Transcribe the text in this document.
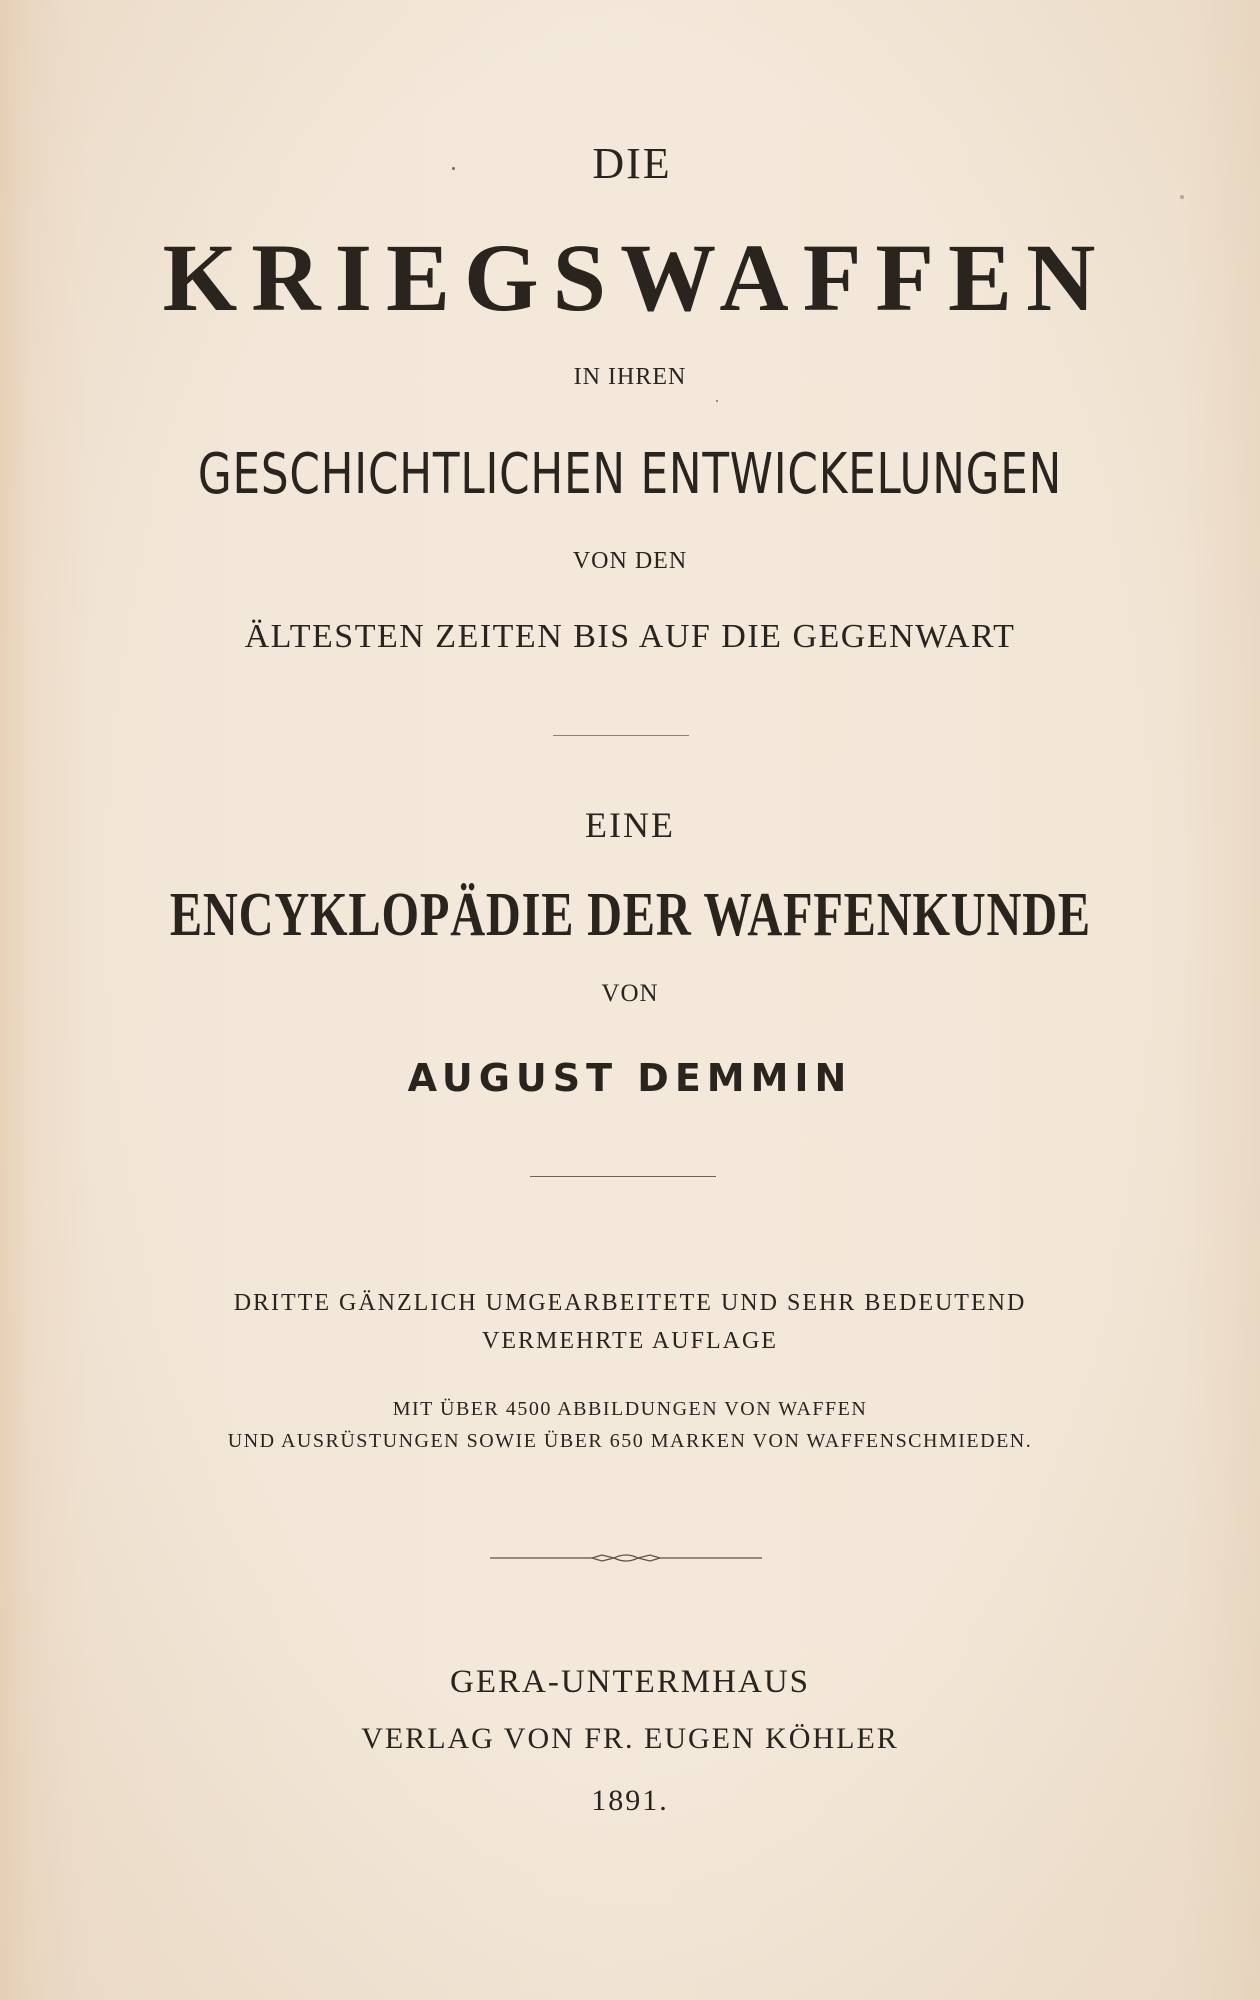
DIE
KRIEGSWAFFEN
IN IHREN
GESCHICHTLICHEN ENTWICKELUNGEN
VON DEN
ÄLTESTEN ZEITEN BIS AUF DIE GEGENWART
EINE
ENCYKLOPÄDIE DER WAFFENKUNDE
VON
AUGUST DEMMIN
DRITTE GÄNZLICH UMGEARBEITETE UND SEHR BEDEUTEND
VERMEHRTE AUFLAGE
MIT ÜBER 4500 ABBILDUNGEN VON WAFFEN
UND AUSRÜSTUNGEN SOWIE ÜBER 650 MARKEN VON WAFFENSCHMIEDEN.
GERA-UNTERMHAUS
VERLAG VON FR. EUGEN KÖHLER
1891.
